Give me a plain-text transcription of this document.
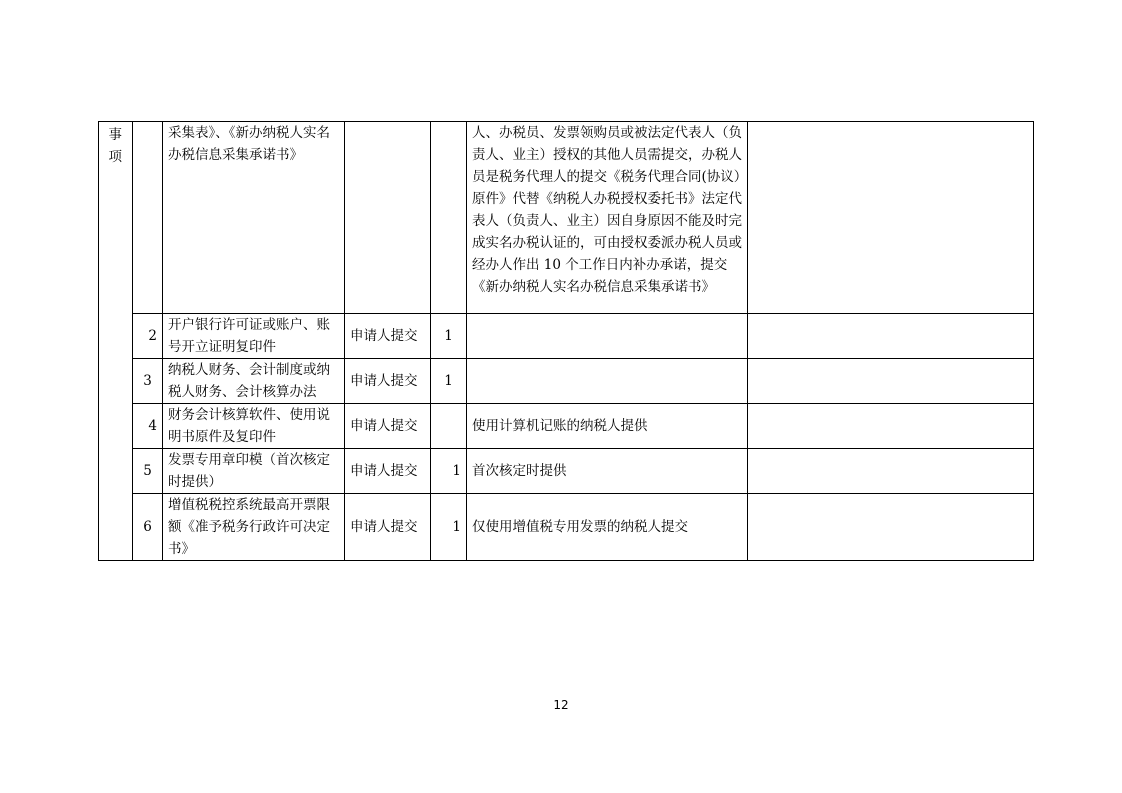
事项		采集表》、《新办纳税人实名办税信息采集承诺书》			人、办税员、发票领购员或被法定代表人（负责人、业主）授权的其他人员需提交，办税人员是税务代理人的提交《税务代理合同(协议）原件》代替《纳税人办税授权委托书》法定代表人（负责人、业主）因自身原因不能及时完成实名办税认证的，可由授权委派办税人员或经办人作出 10 个工作日内补办承诺，提交《新办纳税人实名办税信息采集承诺书》	
	2	开户银行许可证或账户、账号开立证明复印件	申请人提交	1		
	3	纳税人财务、会计制度或纳税人财务、会计核算办法	申请人提交	1		
	4	财务会计核算软件、使用说明书原件及复印件	申请人提交		使用计算机记账的纳税人提供	
	5	发票专用章印模（首次核定时提供）	申请人提交	1	首次核定时提供	
	6	增值税税控系统最高开票限额《准予税务行政许可决定书》	申请人提交	1	仅使用增值税专用发票的纳税人提交	
12
